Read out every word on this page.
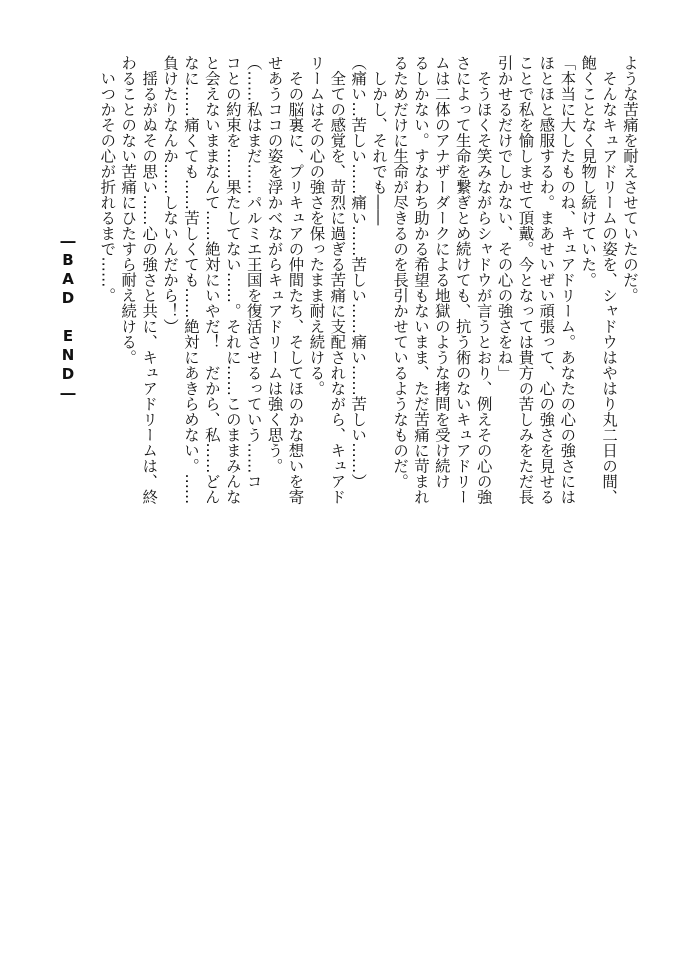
ような苦痛を耐えさせていたのだ。
　そんなキュアドリームの姿を、シャドウはやはり丸二日の間、
飽くことなく見物し続けていた。
「本当に大したものね、キュアドリーム。あなたの心の強さには
ほとほと感服するわ。まあせいぜい頑張って、心の強さを見せる
ことで私を愉しませて頂戴。今となっては貴方の苦しみをただ長
引かせるだけでしかない、その心の強さをね」
　そうほくそ笑みながらシャドウが言うとおり、例えその心の強
さによって生命を繋ぎとめ続けても、抗う術のないキュアドリー
ムは二体のアナザーダークによる地獄のような拷問を受け続け
るしかない。すなわち助かる希望もないまま、ただ苦痛に苛まれ
るためだけに生命が尽きるのを長引かせているようなものだ。
　しかし、それでも――
（痛い…苦しい……痛い……苦しい……痛い……苦しい……）
　全ての感覚を、苛烈に過ぎる苦痛に支配されながら、キュアド
リームはその心の強さを保ったまま耐え続ける。
　その脳裏に、プリキュアの仲間たち、そしてほのかな想いを寄
せあうココの姿を浮かべながらキュアドリームは強く思う。
（……私はまだ……パルミエ王国を復活させるっていう……コ
コとの約束を……果たしてない……。それに……このままみんな
と会えないままなんて……絶対にいやだ！　だから、私……どん
なに……痛くても……苦しくても……絶対にあきらめない。……
負けたりなんか……しないんだから！）
　揺るがぬその思い……心の強さと共に、キュアドリームは、終
わることのない苦痛にひたすら耐え続ける。
　いつかその心が折れるまで……。
―BAD END―
